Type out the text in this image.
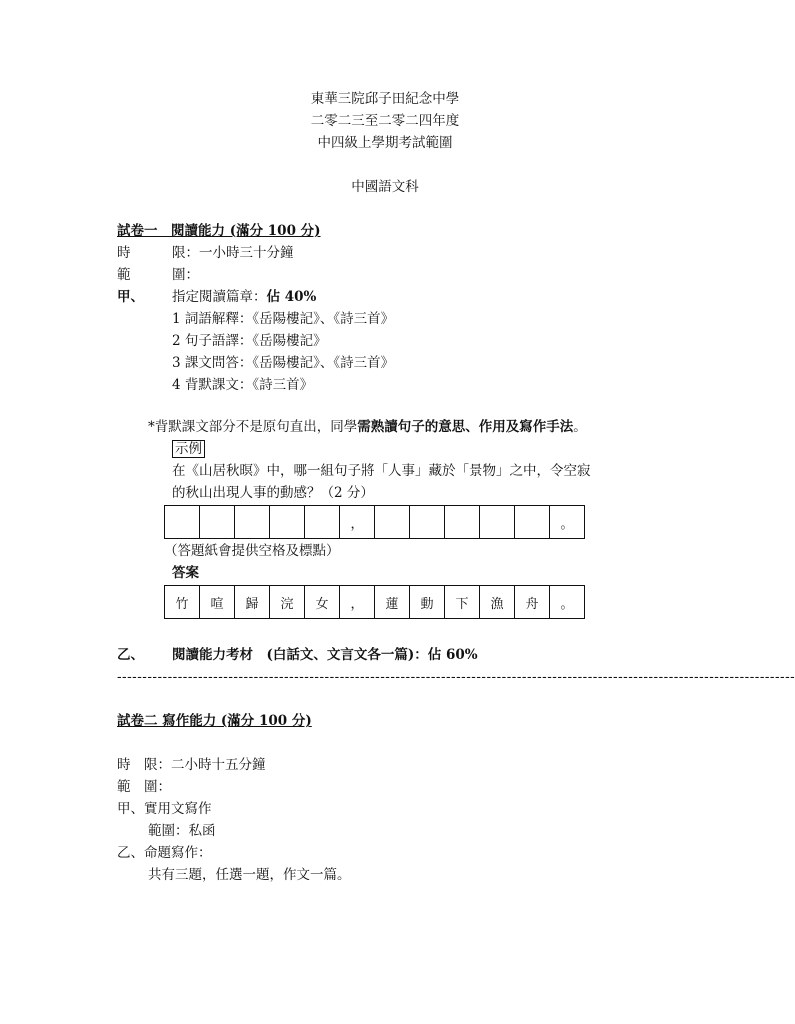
東華三院邱子田紀念中學
二零二三至二零二四年度
中四級上學期考試範圍
中國語文科
試卷一　閱讀能力 (滿分 100 分)
時	限：一小時三十分鐘
範	圍：
甲、 指定閱讀篇章：佔 40%
1 詞語解釋：《岳陽樓記》、《詩三首》
2 句子語譯：《岳陽樓記》
3 課文問答：《岳陽樓記》、《詩三首》
4 背默課文：《詩三首》
*背默課文部分不是原句直出，同學需熟讀句子的意思、作用及寫作手法。
示例
在《山居秋暝》中，哪一組句子將「人事」藏於「景物」之中，令空寂
的秋山出現人事的動感？（2 分）
					，						。
（答題紙會提供空格及標點）
答案
竹	喧	歸	浣	女	，	蓮	動	下	漁	舟	。
乙、 閱讀能力考材　(白話文、文言文各一篇)：佔 60%
--------------------------------------------------------------------------------------------------------------------------------------
試卷二 寫作能力 (滿分 100 分)
時　限：二小時十五分鐘
範　圍：
甲、實用文寫作
範圍：私函
乙、命題寫作：
共有三題，任選一題，作文一篇。
